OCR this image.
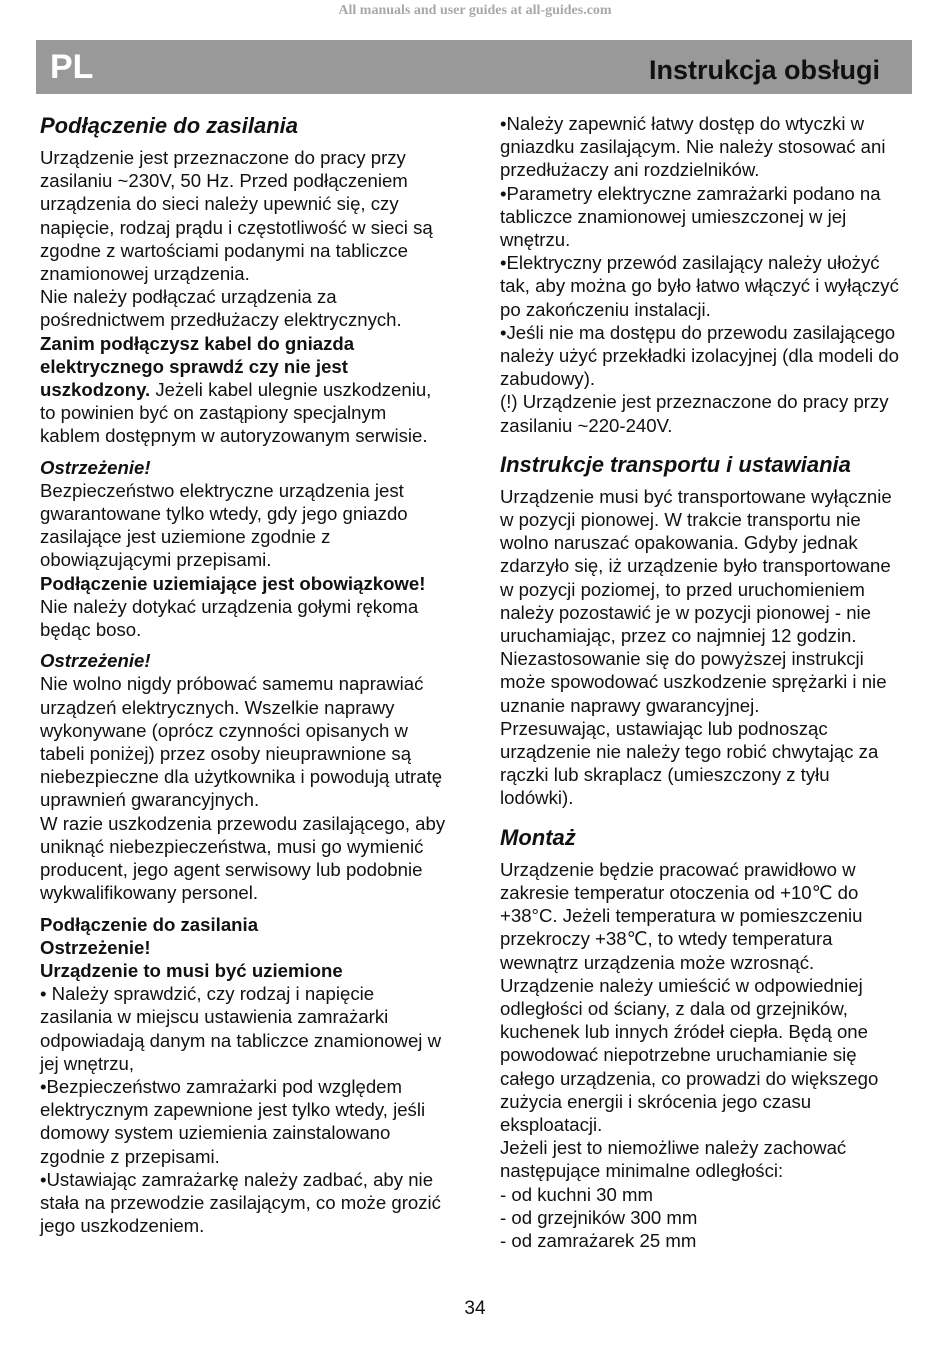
All manuals and user guides at all-guides.com
PL	Instrukcja obsługi
Podłączenie do zasilania

Urządzenie jest przeznaczone do pracy przy zasilaniu ~230V, 50 Hz. Przed podłączeniem urządzenia do sieci należy upewnić się, czy napięcie, rodzaj prądu i częstotliwość w sieci są zgodne z wartościami podanymi na tabliczce znamionowej urządzenia.

Nie należy podłączać urządzenia za pośrednictwem przedłużaczy elektrycznych.

Zanim podłączysz kabel do gniazda elektrycznego sprawdź czy nie jest uszkodzony. Jeżeli kabel ulegnie uszkodzeniu, to powinien być on zastąpiony specjalnym kablem dostępnym w autoryzowanym serwisie.

Ostrzeżenie!

Bezpieczeństwo elektryczne urządzenia jest gwarantowane tylko wtedy, gdy jego gniazdo zasilające jest uziemione zgodnie z obowiązującymi przepisami.

Podłączenie uziemiające jest obowiązkowe!

Nie należy dotykać urządzenia gołymi rękoma będąc boso.

Ostrzeżenie!

Nie wolno nigdy próbować samemu naprawiać urządzeń elektrycznych. Wszelkie naprawy wykonywane (oprócz czynności opisanych w tabeli poniżej) przez osoby nieuprawnione są niebezpieczne dla użytkownika i powodują utratę uprawnień gwarancyjnych.

W razie uszkodzenia przewodu zasilającego, aby uniknąć niebezpieczeństwa, musi go wymienić producent, jego agent serwisowy lub podobnie wykwalifikowany personel.

Podłączenie do zasilania

Ostrzeżenie!

Urządzenie to musi być uziemione

• Należy sprawdzić, czy rodzaj i napięcie zasilania w miejscu ustawienia zamrażarki odpowiadają danym na tabliczce znamionowej w jej wnętrzu,

•Bezpieczeństwo zamrażarki pod względem elektrycznym zapewnione jest tylko wtedy, jeśli domowy system uziemienia zainstalowano zgodnie z przepisami.

•Ustawiając zamrażarkę należy zadbać, aby nie stała na przewodzie zasilającym, co może grozić jego uszkodzeniem.

•Należy zapewnić łatwy dostęp do wtyczki w gniazdku zasilającym. Nie należy stosować ani przedłużaczy ani rozdzielników.

•Parametry elektryczne zamrażarki podano na tabliczce znamionowej umieszczonej w jej wnętrzu.

•Elektryczny przewód zasilający należy ułożyć tak, aby można go było łatwo włączyć i wyłączyć po zakończeniu instalacji.

•Jeśli nie ma dostępu do przewodu zasilającego należy użyć przekładki izolacyjnej (dla modeli do zabudowy).

(!) Urządzenie jest przeznaczone do pracy przy zasilaniu ~220-240V.

Instrukcje transportu i ustawiania

Urządzenie musi być transportowane wyłącznie w pozycji pionowej. W trakcie transportu nie wolno naruszać opakowania. Gdyby jednak zdarzyło się, iż urządzenie było transportowane w pozycji poziomej, to przed uruchomieniem należy pozostawić je w pozycji pionowej - nie uruchamiając, przez co najmniej 12 godzin.

Niezastosowanie się do powyższej instrukcji może spowodować uszkodzenie sprężarki i nie uznanie naprawy gwarancyjnej.

Przesuwając, ustawiając lub podnosząc urządzenie nie należy tego robić chwytając za rączki lub skraplacz (umieszczony z tyłu lodówki).

Montaż

Urządzenie będzie pracować prawidłowo w zakresie temperatur otoczenia od +10℃ do +38°C. Jeżeli temperatura w pomieszczeniu przekroczy +38℃, to wtedy temperatura wewnątrz urządzenia może wzrosnąć.

Urządzenie należy umieścić w odpowiedniej odległości od ściany, z dala od grzejników, kuchenek lub innych źródeł ciepła. Będą one powodować niepotrzebne uruchamianie się całego urządzenia, co prowadzi do większego zużycia energii i skrócenia jego czasu eksploatacji.

Jeżeli jest to niemożliwe należy zachować następujące minimalne odległości:

- od kuchni 30 mm

- od grzejników 300 mm

- od zamrażarek 25 mm

34
